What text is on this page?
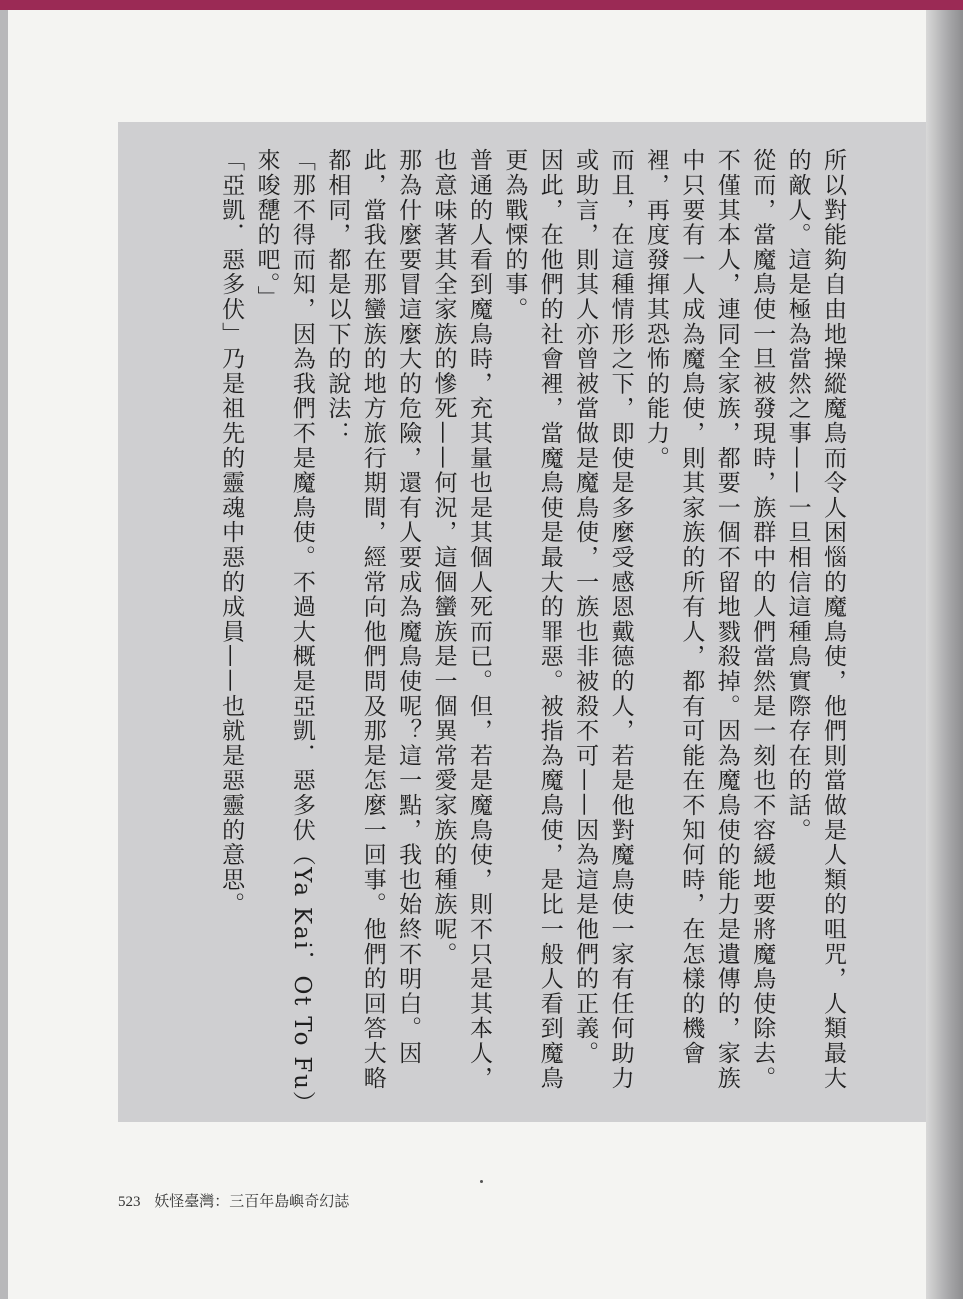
所以對能夠自由地操縱魔鳥而令人困惱的魔鳥使，他們則當做是人類的咀咒，人類最大的敵人。這是極為當然之事——一旦相信這種鳥實際存在的話。

從而，當魔鳥使一旦被發現時，族群中的人們當然是一刻也不容緩地要將魔鳥使除去。不僅其本人，連同全家族，都要一個不留地戮殺掉。因為魔鳥使的能力是遺傳的，家族中只要有一人成為魔鳥使，則其家族的所有人，都有可能在不知何時，在怎樣的機會裡，再度發揮其恐怖的能力。

而且，在這種情形之下，即使是多麼受感恩戴德的人，若是他對魔鳥使一家有任何助力或助言，則其人亦曾被當做是魔鳥使，一族也非被殺不可——因為這是他們的正義。

因此，在他們的社會裡，當魔鳥使是最大的罪惡。被指為魔鳥使，是比一般人看到魔鳥更為戰慄的事。

普通的人看到魔鳥時，充其量也是其個人死而已。但，若是魔鳥使，則不只是其本人，也意味著其全家族的慘死——何況，這個蠻族是一個異常愛家族的種族呢。

那為什麼要冒這麼大的危險，還有人要成為魔鳥使呢？這一點，我也始終不明白。因此，當我在那蠻族的地方旅行期間，經常向他們問及那是怎麼一回事。他們的回答大略都相同，都是以下的說法：

「那不得而知，因為我們不是魔鳥使。不過大概是亞凱．惡多伏（Ya Kai．Ot To Fu）來唆㘒的吧。」

「亞凱．惡多伏」乃是祖先的靈魂中惡的成員——也就是惡靈的意思。

523 妖怪臺灣：三百年島嶼奇幻誌
